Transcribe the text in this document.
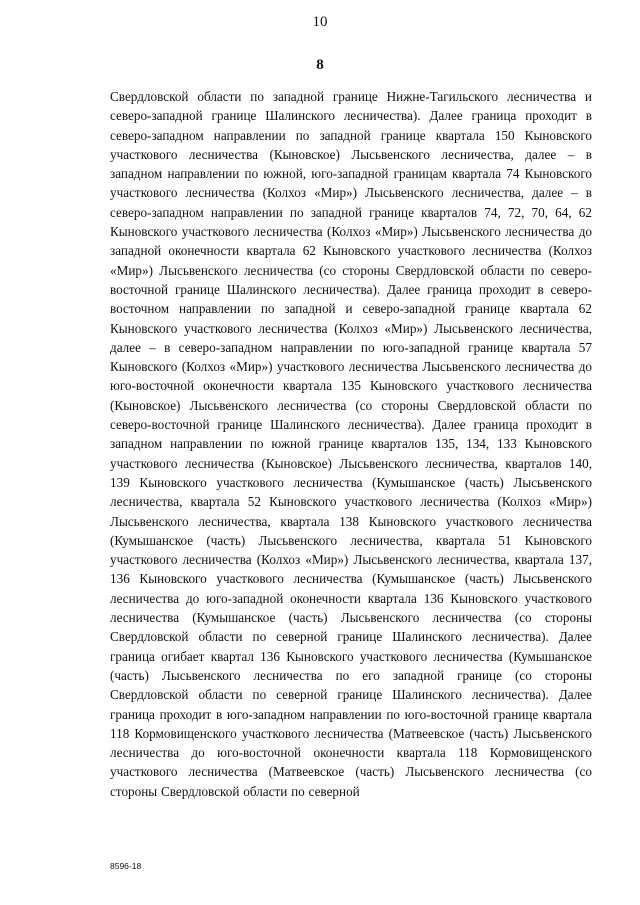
10
8

Свердловской области по западной границе Нижне-Тагильского лесничества и северо-западной границе Шалинского лесничества). Далее граница проходит в северо-западном направлении по западной границе квартала 150 Кыновского участкового лесничества (Кыновское) Лысьвенского лесничества, далее – в западном направлении по южной, юго-западной границам квартала 74 Кыновского участкового лесничества (Колхоз «Мир») Лысьвенского лесничества, далее – в северо-западном направлении по западной границе кварталов 74, 72, 70, 64, 62 Кыновского участкового лесничества (Колхоз «Мир») Лысьвенского лесничества до западной оконечности квартала 62 Кыновского участкового лесничества (Колхоз «Мир») Лысьвенского лесничества (со стороны Свердловской области по северо-восточной границе Шалинского лесничества). Далее граница проходит в северо-восточном направлении по западной и северо-западной границе квартала 62 Кыновского участкового лесничества (Колхоз «Мир») Лысьвенского лесничества, далее – в северо-западном направлении по юго-западной границе квартала 57 Кыновского (Колхоз «Мир») участкового лесничества Лысьвенского лесничества до юго-восточной оконечности квартала 135 Кыновского участкового лесничества (Кыновское) Лысьвенского лесничества (со стороны Свердловской области по северо-восточной границе Шалинского лесничества). Далее граница проходит в западном направлении по южной границе кварталов 135, 134, 133 Кыновского участкового лесничества (Кыновское) Лысьвенского лесничества, кварталов 140, 139 Кыновского участкового лесничества (Кумышанское (часть) Лысьвенского лесничества, квартала 52 Кыновского участкового лесничества (Колхоз «Мир») Лысьвенского лесничества, квартала 138 Кыновского участкового лесничества (Кумышанское (часть) Лысьвенского лесничества, квартала 51 Кыновского участкового лесничества (Колхоз «Мир») Лысьвенского лесничества, квартала 137, 136 Кыновского участкового лесничества (Кумышанское (часть) Лысьвенского лесничества до юго-западной оконечности квартала 136 Кыновского участкового лесничества (Кумышанское (часть) Лысьвенского лесничества (со стороны Свердловской области по северной границе Шалинского лесничества). Далее граница огибает квартал 136 Кыновского участкового лесничества (Кумышанское (часть) Лысьвенского лесничества по его западной границе (со стороны Свердловской области по северной границе Шалинского лесничества). Далее граница проходит в юго-западном направлении по юго-восточной границе квартала 118 Кормовищенского участкового лесничества (Матвеевское (часть) Лысьвенского лесничества до юго-восточной оконечности квартала 118 Кормовищенского участкового лесничества (Матвеевское (часть) Лысьвенского лесничества (со стороны Свердловской области по северной

8596-18
